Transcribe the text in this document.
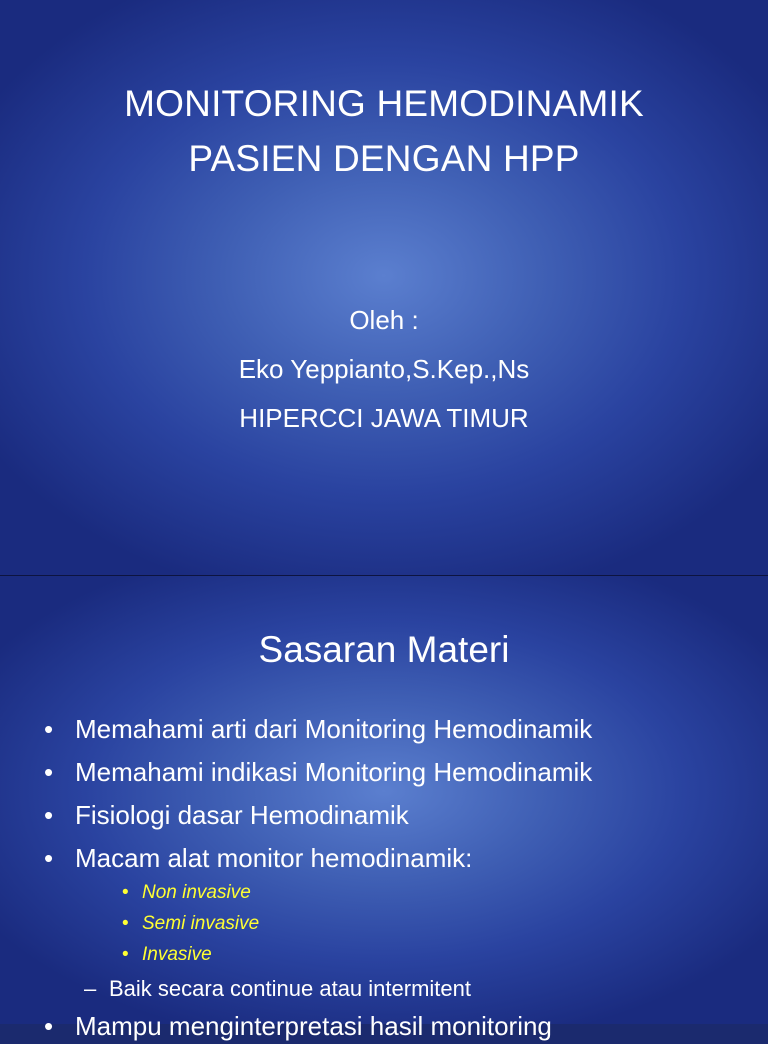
MONITORING HEMODINAMIK
PASIEN DENGAN HPP
Oleh :
Eko Yeppianto,S.Kep.,Ns
HIPERCCI JAWA TIMUR
Sasaran Materi
• Memahami arti dari Monitoring Hemodinamik
• Memahami indikasi Monitoring Hemodinamik
• Fisiologi dasar Hemodinamik
• Macam alat monitor hemodinamik:
• Non invasive
• Semi invasive
• Invasive
– Baik secara continue atau intermitent
• Mampu menginterpretasi hasil monitoring
